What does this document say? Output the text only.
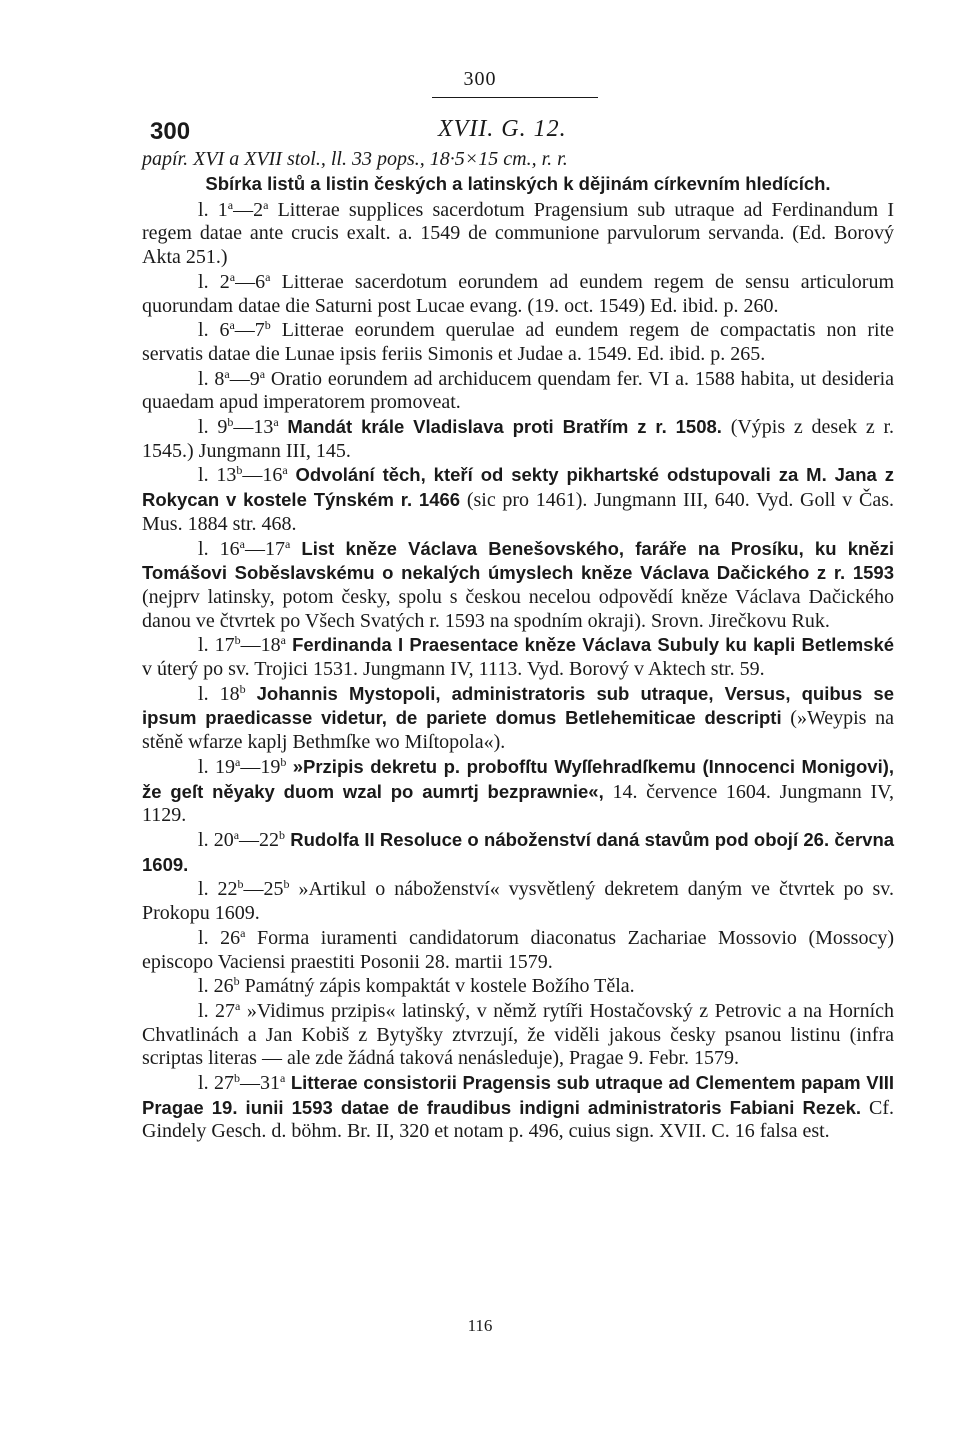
300
300	XVII. G. 12.

papír. XVI a XVII stol., ll. 33 pops., 18·5×15 cm., r. r.

Sbírka listů a listin českých a latinských k dějinám církevním hledících.

l. 1$^a$—2$^a$ Litterae supplices sacerdotum Pragensium sub utraque ad Ferdinandum I regem datae ante crucis exalt. a. 1549 de communione parvulorum servanda. (Ed. Borový Akta 251.)

l. 2$^a$—6$^a$ Litterae sacerdotum eorundem ad eundem regem de sensu articulorum quorundam datae die Saturni post Lucae evang. (19. oct. 1549) Ed. ibid. p. 260.

l. 6$^a$—7$^b$ Litterae eorundem querulae ad eundem regem de compactatis non rite servatis datae die Lunae ipsis feriis Simonis et Judae a. 1549. Ed. ibid. p. 265.

l. 8$^a$—9$^a$ Oratio eorundem ad archiducem quendam fer. VI a. 1588 habita, ut desideria quaedam apud imperatorem promoveat.

l. 9$^b$—13$^a$ Mandát krále Vladislava proti Bratřím z r. 1508. (Výpis z desek z r. 1545.) Jungmann III, 145.

l. 13$^b$—16$^a$ Odvolání těch, kteří od sekty pikhartské odstupovali za M. Jana z Rokycan v kostele Týnském r. 1466 (sic pro 1461). Jungmann III, 640. Vyd. Goll v Čas. Mus. 1884 str. 468.

l. 16$^a$—17$^a$ List kněze Václava Benešovského, faráře na Prosíku, ku knězi Tomášovi Soběslavskému o nekalých úmyslech kněze Václava Dačického z r. 1593 (nejprv latinsky, potom česky, spolu s českou necelou odpovědí kněze Václava Dačického danou ve čtvrtek po Všech Svatých r. 1593 na spodním okraji). Srovn. Jirečkovu Ruk.

l. 17$^b$—18$^a$ Ferdinanda I Praesentace kněze Václava Subuly ku kapli Betlemské v úterý po sv. Trojici 1531. Jungmann IV, 1113. Vyd. Borový v Aktech str. 59.

l. 18$^b$ Johannis Mystopoli, administratoris sub utraque, Versus, quibus se ipsum praedicasse videtur, de pariete domus Betlehemiticae descripti (»Weypis na stěně wfarze kaplj Bethmſke wo Miſtopola«).

l. 19$^a$—19$^b$ »Przipis dekretu p. probofſtu Wyſſehradſkemu (Innocenci Monigovi), že geſt něyaky duom wzal po aumrtj bezprawnie«, 14. července 1604. Jungmann IV, 1129.

l. 20$^a$—22$^b$ Rudolfa II Resoluce o náboženství daná stavům pod obojí 26. června 1609.

l. 22$^b$—25$^b$ »Artikul o náboženství« vysvětlený dekretem daným ve čtvrtek po sv. Prokopu 1609.

l. 26$^a$ Forma iuramenti candidatorum diaconatus Zachariae Mossovio (Mossocy) episcopo Vaciensi praestiti Posonii 28. martii 1579.

l. 26$^b$ Památný zápis kompaktát v kostele Božího Těla.

l. 27$^a$ »Vidimus przipis« latinský, v němž rytíři Hostačovský z Petrovic a na Horních Chvatlinách a Jan Kobiš z Bytyšky ztvrzují, že viděli jakous česky psanou listinu (infra scriptas literas — ale zde žádná taková nenásleduje), Pragae 9. Febr. 1579.

l. 27$^b$—31$^a$ Litterae consistorii Pragensis sub utraque ad Clementem papam VIII Pragae 19. iunii 1593 datae de fraudibus indigni administratoris Fabiani Rezek. Cf. Gindely Gesch. d. böhm. Br. II, 320 et notam p. 496, cuius sign. XVII. C. 16 falsa est.

116
